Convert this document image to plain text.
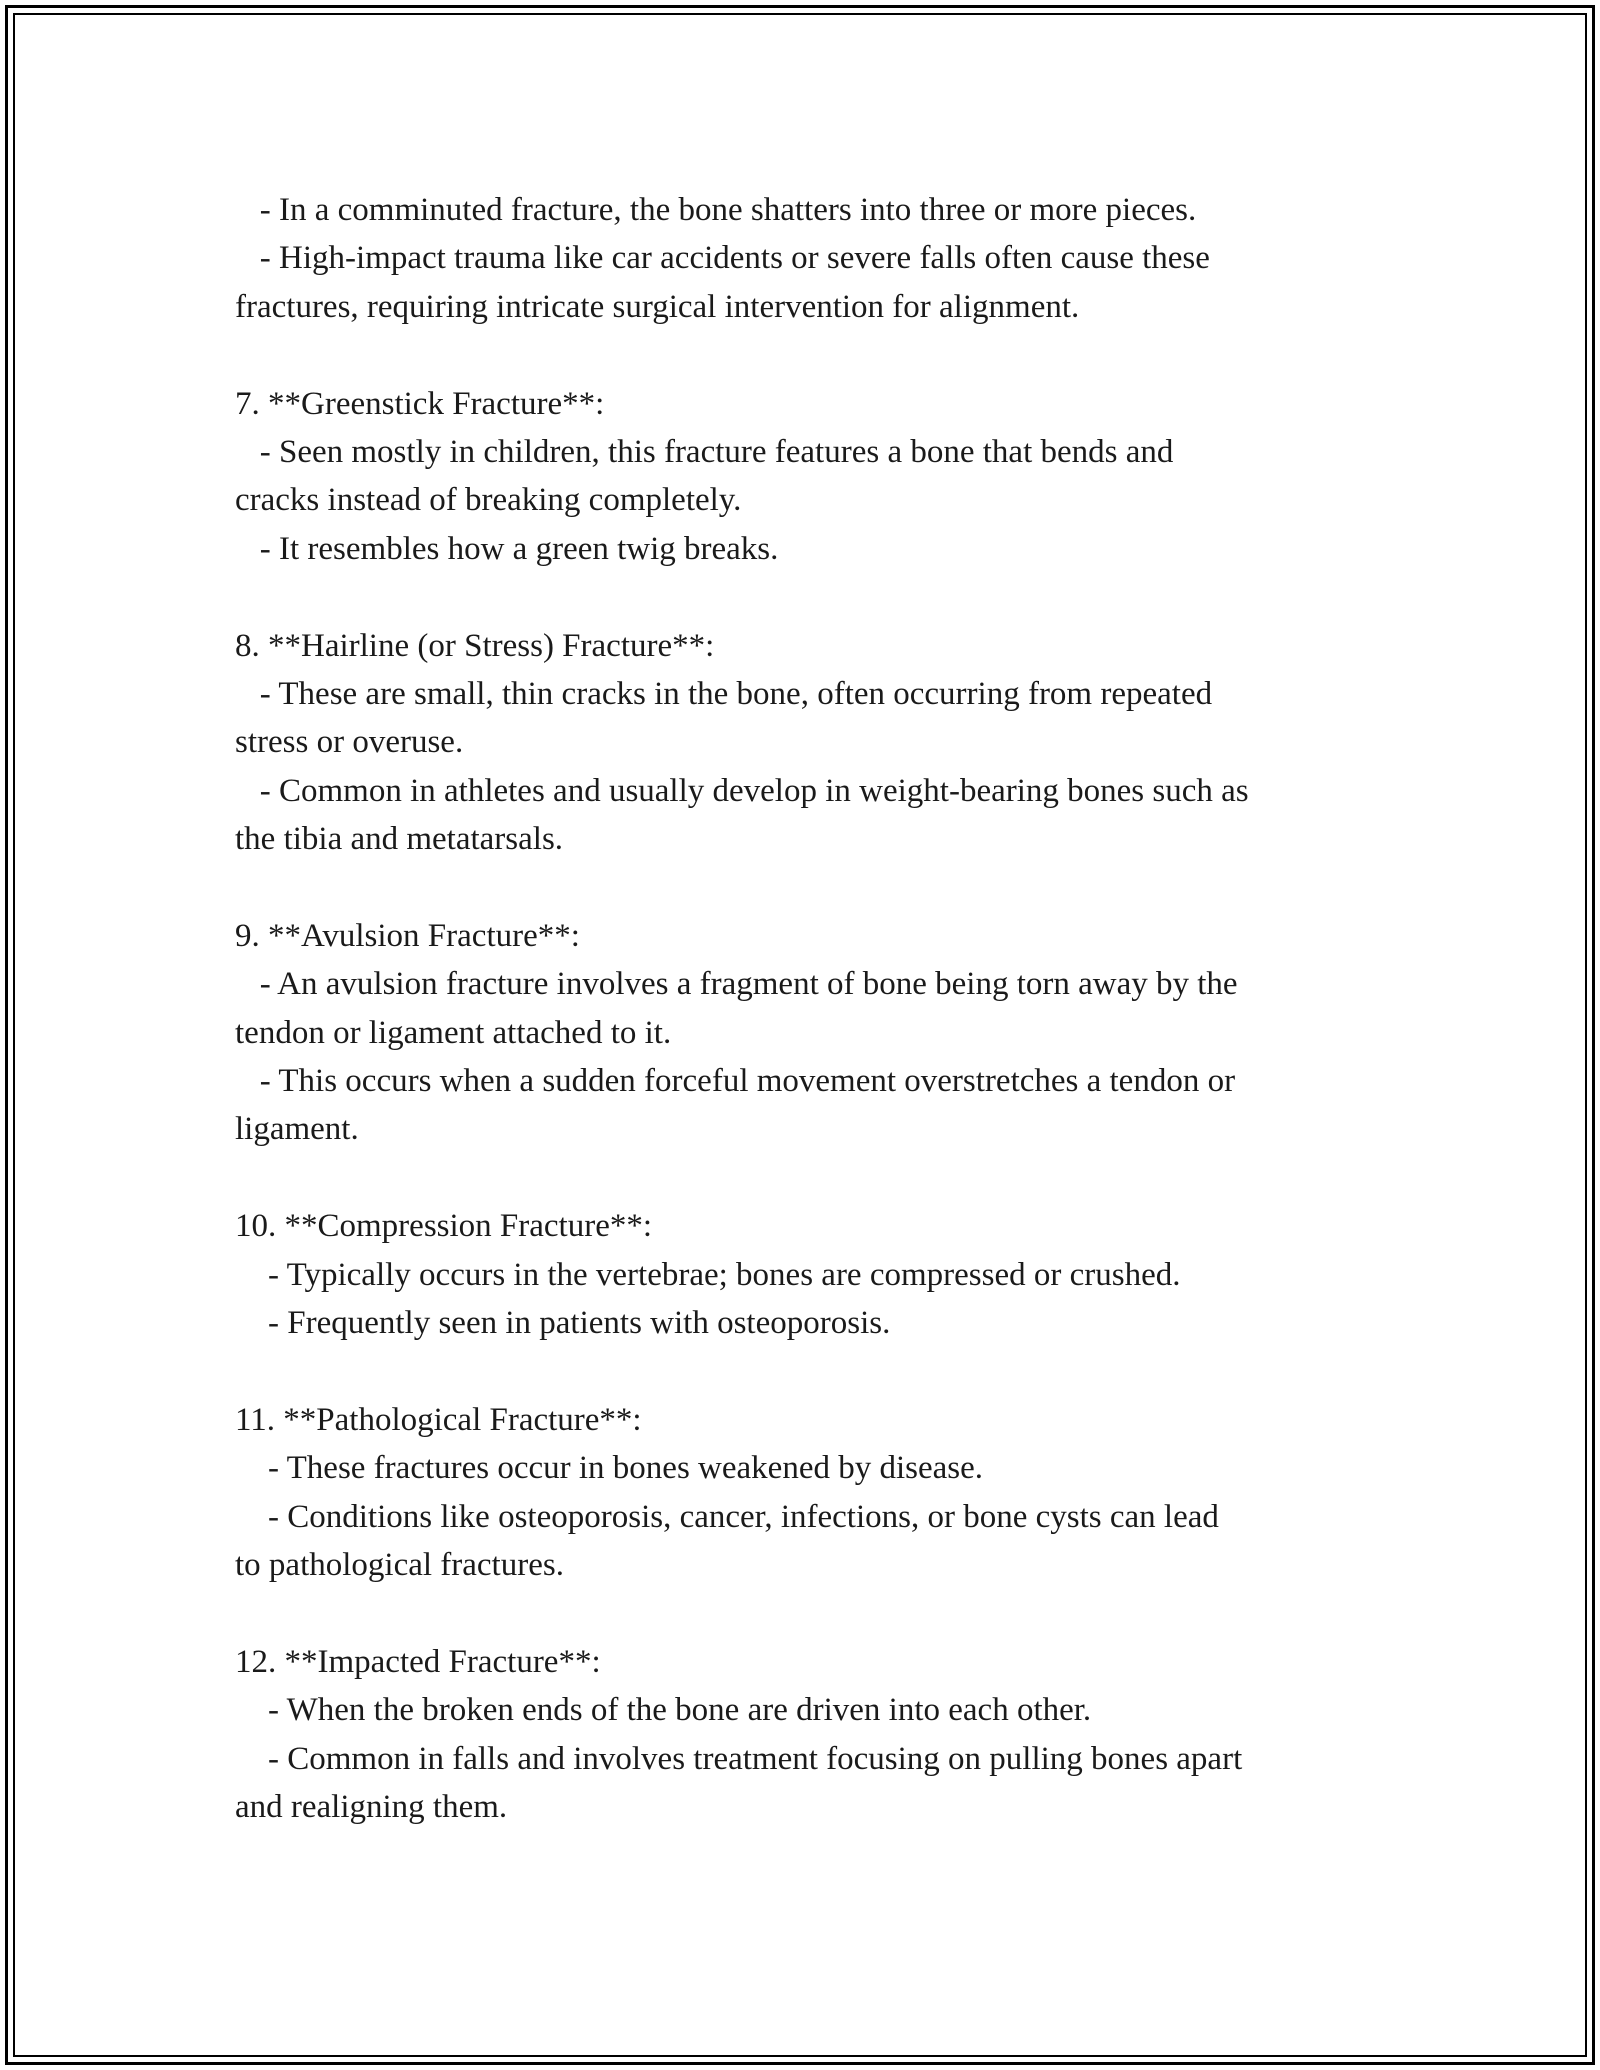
- In a comminuted fracture, the bone shatters into three or more pieces.
- High-impact trauma like car accidents or severe falls often cause these
fractures, requiring intricate surgical intervention for alignment.
7. **Greenstick Fracture**:
- Seen mostly in children, this fracture features a bone that bends and
cracks instead of breaking completely.
- It resembles how a green twig breaks.
8. **Hairline (or Stress) Fracture**:
- These are small, thin cracks in the bone, often occurring from repeated
stress or overuse.
- Common in athletes and usually develop in weight-bearing bones such as
the tibia and metatarsals.
9. **Avulsion Fracture**:
- An avulsion fracture involves a fragment of bone being torn away by the
tendon or ligament attached to it.
- This occurs when a sudden forceful movement overstretches a tendon or
ligament.
10. **Compression Fracture**:
- Typically occurs in the vertebrae; bones are compressed or crushed.
- Frequently seen in patients with osteoporosis.
11. **Pathological Fracture**:
- These fractures occur in bones weakened by disease.
- Conditions like osteoporosis, cancer, infections, or bone cysts can lead
to pathological fractures.
12. **Impacted Fracture**:
- When the broken ends of the bone are driven into each other.
- Common in falls and involves treatment focusing on pulling bones apart
and realigning them.
